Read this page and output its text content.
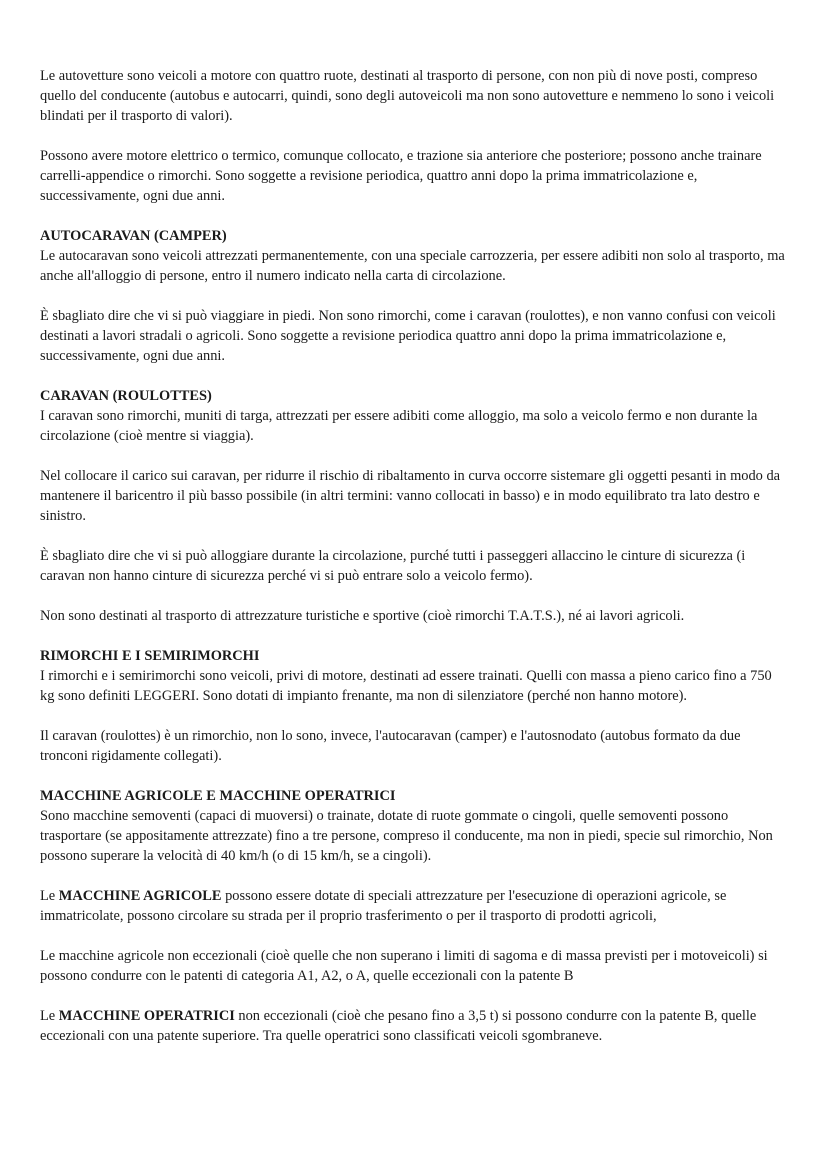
Le autovetture sono veicoli a motore con quattro ruote, destinati al trasporto di persone, con non più di nove posti, compreso quello del conducente (autobus e autocarri, quindi, sono degli autoveicoli ma non sono autovetture e nemmeno lo sono i veicoli blindati per il trasporto di valori).

Possono avere motore elettrico o termico, comunque collocato, e trazione sia anteriore che posteriore; possono anche trainare carrelli-appendice o rimorchi. Sono soggette a revisione periodica, quattro anni dopo la prima immatricolazione e, successivamente, ogni due anni.

AUTOCARAVAN (CAMPER)

Le autocaravan sono veicoli attrezzati permanentemente, con una speciale carrozzeria, per essere adibiti non solo al trasporto, ma anche all'alloggio di persone, entro il numero indicato nella carta di circolazione.

È sbagliato dire che vi si può viaggiare in piedi. Non sono rimorchi, come i caravan (roulottes), e non vanno confusi con veicoli destinati a lavori stradali o agricoli. Sono soggette a revisione periodica quattro anni dopo la prima immatricolazione e, successivamente, ogni due anni.

CARAVAN (ROULOTTES)

I caravan sono rimorchi, muniti di targa, attrezzati per essere adibiti come alloggio, ma solo a veicolo fermo e non durante la circolazione (cioè mentre si viaggia).

Nel collocare il carico sui caravan, per ridurre il rischio di ribaltamento in curva occorre sistemare gli oggetti pesanti in modo da mantenere il baricentro il più basso possibile (in altri termini: vanno collocati in basso) e in modo equilibrato tra lato destro e sinistro.

È sbagliato dire che vi si può alloggiare durante la circolazione, purché tutti i passeggeri allaccino le cinture di sicurezza (i caravan non hanno cinture di sicurezza perché vi si può entrare solo a veicolo fermo).

Non sono destinati al trasporto di attrezzature turistiche e sportive (cioè rimorchi T.A.T.S.), né ai lavori agricoli.

RIMORCHI E I SEMIRIMORCHI

I rimorchi e i semirimorchi sono veicoli, privi di motore, destinati ad essere trainati. Quelli con massa a pieno carico fino a 750 kg sono definiti LEGGERI. Sono dotati di impianto frenante, ma non di silenziatore (perché non hanno motore).

Il caravan (roulottes) è un rimorchio, non lo sono, invece, l'autocaravan (camper) e l'autosnodato (autobus formato da due tronconi rigidamente collegati).

MACCHINE AGRICOLE E MACCHINE OPERATRICI

Sono macchine semoventi (capaci di muoversi) o trainate, dotate di ruote gommate o cingoli, quelle semoventi possono trasportare (se appositamente attrezzate) fino a tre persone, compreso il conducente, ma non in piedi, specie sul rimorchio, Non possono superare la velocità di 40 km/h (o di 15 km/h, se a cingoli).

Le MACCHINE AGRICOLE possono essere dotate di speciali attrezzature per l'esecuzione di operazioni agricole, se immatricolate, possono circolare su strada per il proprio trasferimento o per il trasporto di prodotti agricoli,

Le macchine agricole non eccezionali (cioè quelle che non superano i limiti di sagoma e di massa previsti per i motoveicoli) si possono condurre con le patenti di categoria A1, A2, o A, quelle eccezionali con la patente B

Le MACCHINE OPERATRICI non eccezionali (cioè che pesano fino a 3,5 t) si possono condurre con la patente B, quelle eccezionali con una patente superiore. Tra quelle operatrici sono classificati veicoli sgombraneve.
